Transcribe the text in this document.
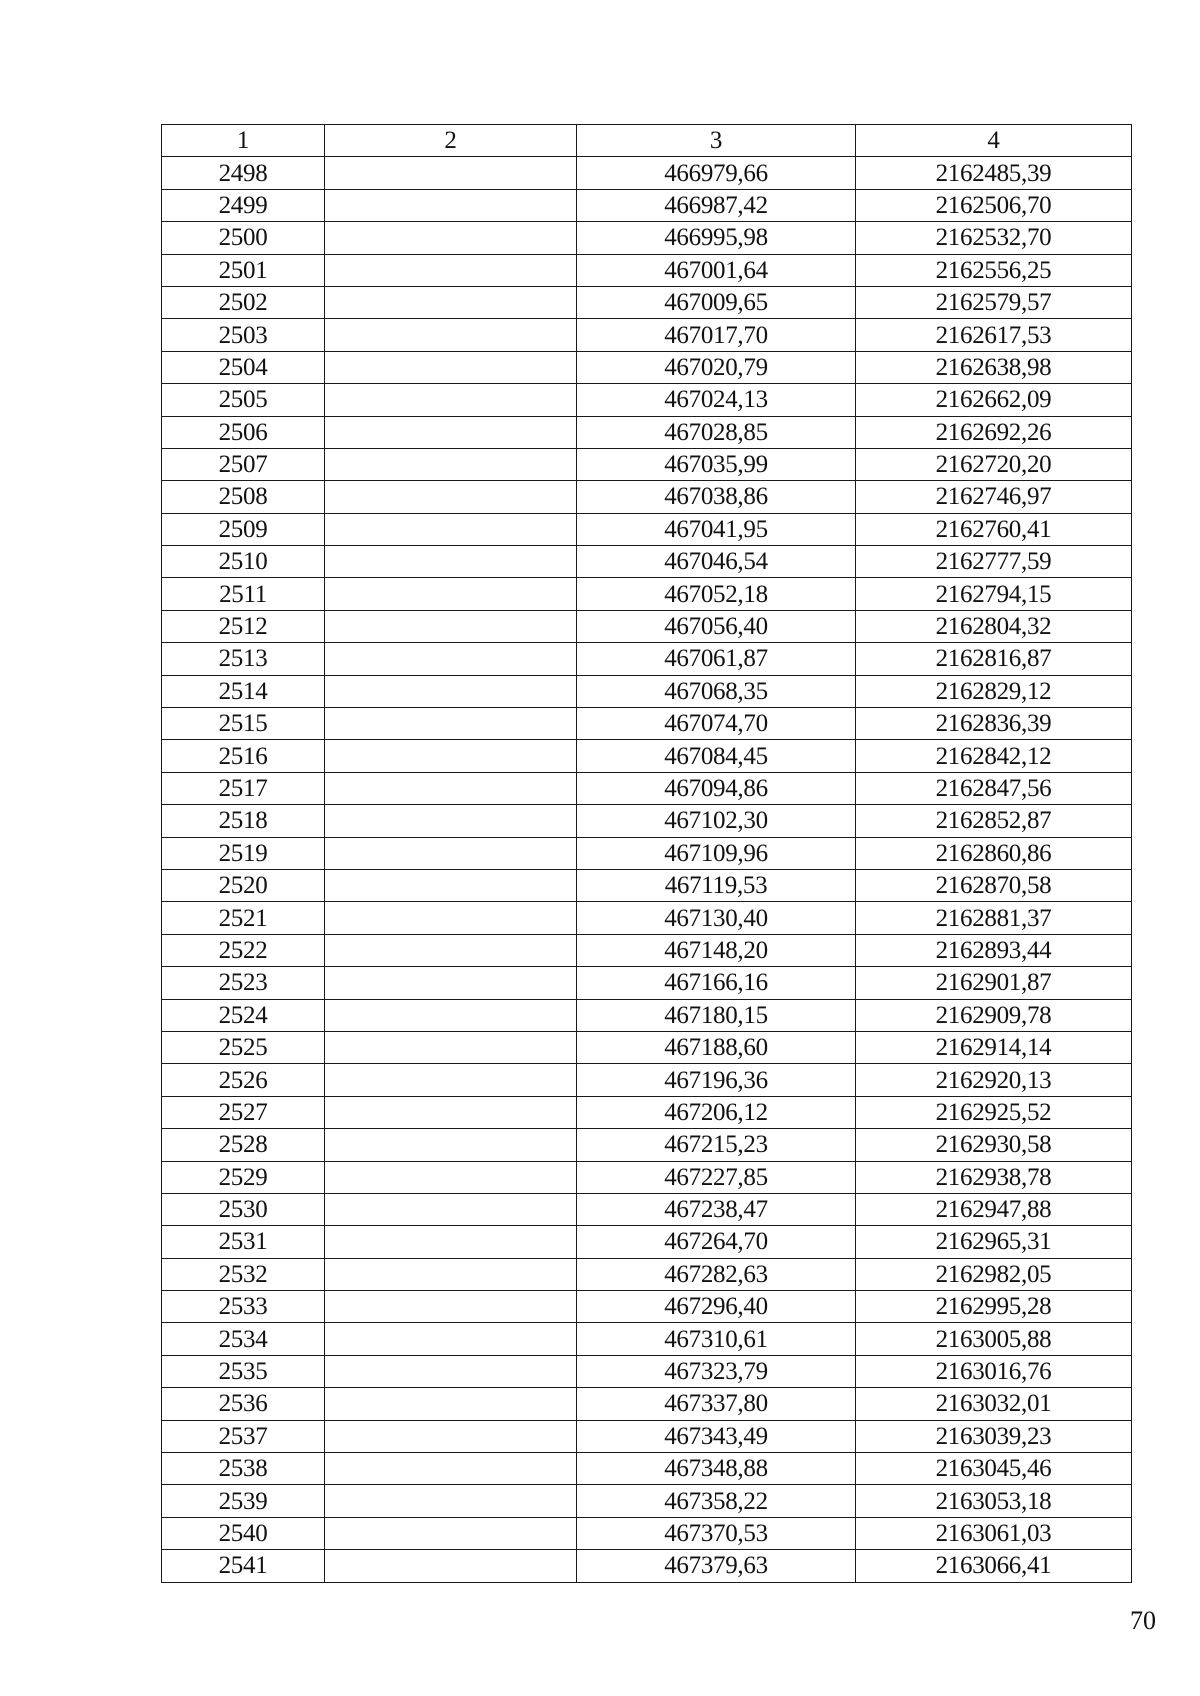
1	2	3	4
2498		466979,66	2162485,39
2499		466987,42	2162506,70
2500		466995,98	2162532,70
2501		467001,64	2162556,25
2502		467009,65	2162579,57
2503		467017,70	2162617,53
2504		467020,79	2162638,98
2505		467024,13	2162662,09
2506		467028,85	2162692,26
2507		467035,99	2162720,20
2508		467038,86	2162746,97
2509		467041,95	2162760,41
2510		467046,54	2162777,59
2511		467052,18	2162794,15
2512		467056,40	2162804,32
2513		467061,87	2162816,87
2514		467068,35	2162829,12
2515		467074,70	2162836,39
2516		467084,45	2162842,12
2517		467094,86	2162847,56
2518		467102,30	2162852,87
2519		467109,96	2162860,86
2520		467119,53	2162870,58
2521		467130,40	2162881,37
2522		467148,20	2162893,44
2523		467166,16	2162901,87
2524		467180,15	2162909,78
2525		467188,60	2162914,14
2526		467196,36	2162920,13
2527		467206,12	2162925,52
2528		467215,23	2162930,58
2529		467227,85	2162938,78
2530		467238,47	2162947,88
2531		467264,70	2162965,31
2532		467282,63	2162982,05
2533		467296,40	2162995,28
2534		467310,61	2163005,88
2535		467323,79	2163016,76
2536		467337,80	2163032,01
2537		467343,49	2163039,23
2538		467348,88	2163045,46
2539		467358,22	2163053,18
2540		467370,53	2163061,03
2541		467379,63	2163066,41
70
